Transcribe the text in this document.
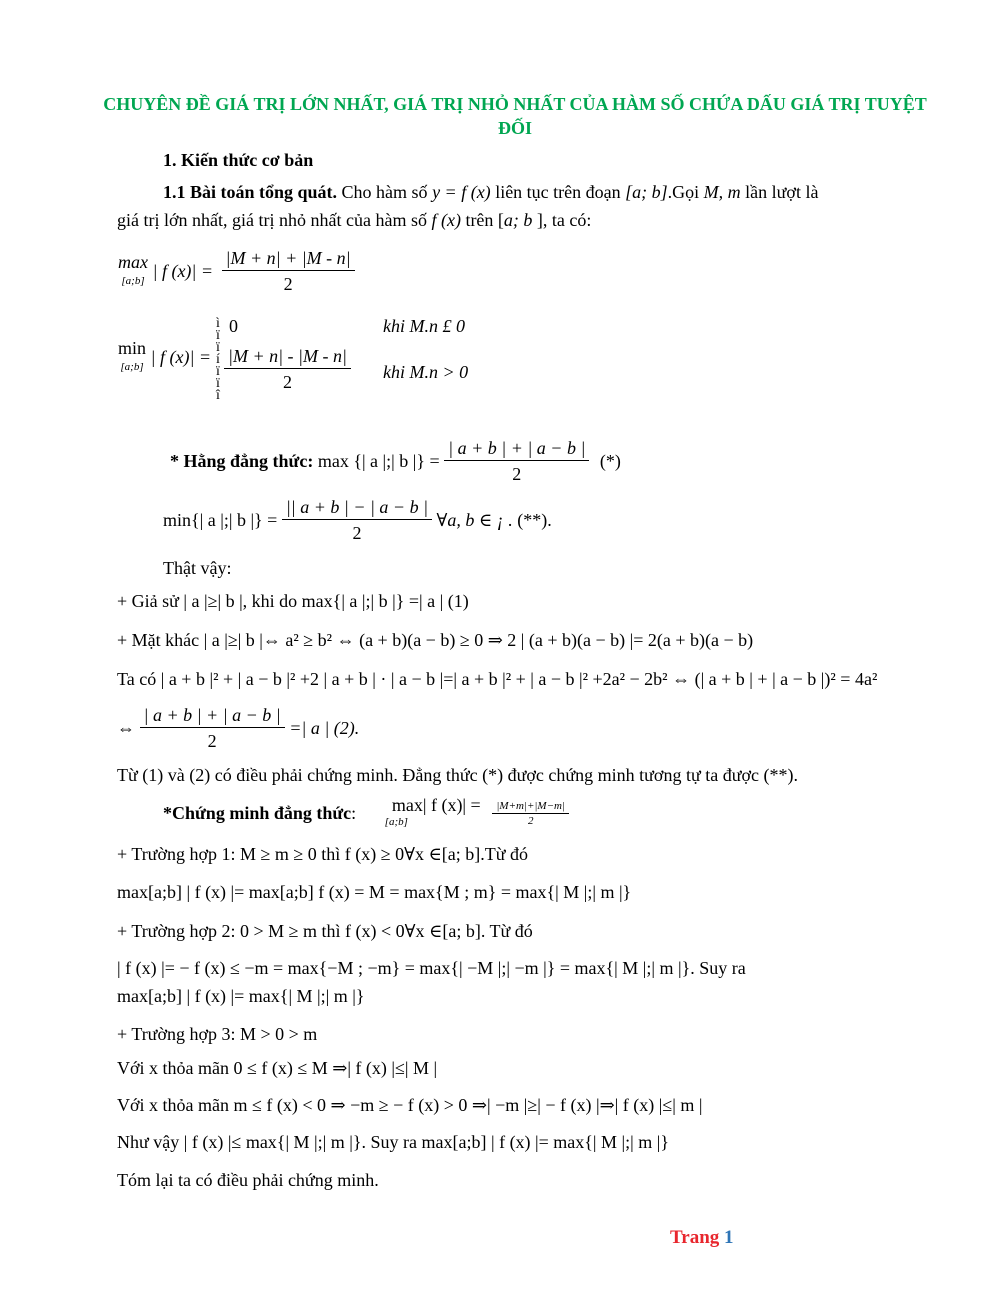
CHUYÊN ĐỀ GIÁ TRỊ LỚN NHẤT, GIÁ TRỊ NHỎ NHẤT CỦA HÀM SỐ CHỨA DẤU GIÁ TRỊ TUYỆT ĐỐI
1. Kiến thức cơ bản
1.1 Bài toán tổng quát. Cho hàm số y = f (x) liên tục trên đoạn [a; b].Gọi M, m lần lượt là
giá trị lớn nhất, giá trị nhỏ nhất của hàm số f (x) trên [a; b ], ta có:
max
[a;b] | f $(x)| = \frac{|M + n| + |M - n|}{2}$
min
[a;b] | f (x)| =
ì
ï
ï
í
ï
ï
î
0	khi M.n £ 0
$\frac{|M + n| - |M - n|}{2}$ khi M.n > 0
* Hằng đẳng thức: max {| a |;| b |} = $\frac{| a + b | + | a - b |}{2}$ (*)
min{| a |;| b |} = $\frac{|| a + b | - | a - b |}{2}$ ∀a, b ∈ ¡ . (**).
Thật vậy:
+ Giả sử | a |≥| b |, khi do max{| a |;| b |} =| a | (1)
+ Mặt khác | a |≥| b |⇔ a² ≥ b² ⇔ (a + b)(a − b) ≥ 0 ⇒ 2 | (a + b)(a − b) |= 2(a + b)(a − b)
Ta có | a + b |² + | a − b |² +2 | a + b | · | a − b |=| a + b |² + | a − b |² +2a² − 2b² ⇔ (| a + b | + | a − b |)² = 4a²
⇔ $\frac{| a + b | + | a - b |}{2}$ =| a | (2).
Từ (1) và (2) có điều phải chứng minh. Đẳng thức (*) được chứng minh tương tự ta được (**).
*Chứng minh đẳng thức: max| f (x)| =
[a;b]	$\frac{|M+m|+|M-m|}{2}$
+ Trường hợp 1: M ≥ m ≥ 0 thì f (x) ≥ 0∀x ∈[a; b].Từ đó
max[a;b] | f (x) |= max[a;b] f (x) = M = max{M ; m} = max{| M |;| m |}
+ Trường hợp 2: 0 > M ≥ m thì f (x) < 0∀x ∈[a; b]. Từ đó
| f (x) |= − f (x) ≤ −m = max{−M ; −m} = max{| −M |;| −m |} = max{| M |;| m |}. Suy ra
max[a;b] | f (x) |= max{| M |;| m |}
+ Trường hợp 3: M > 0 > m
Với x thỏa mãn 0 ≤ f (x) ≤ M ⇒| f (x) |≤| M |
Với x thỏa mãn m ≤ f (x) < 0 ⇒ −m ≥ − f (x) > 0 ⇒| −m |≥| − f (x) |⇒| f (x) |≤| m |
Như vậy | f (x) |≤ max{| M |;| m |}. Suy ra max[a;b] | f (x) |= max{| M |;| m |}
Tóm lại ta có điều phải chứng minh.
Trang 1
